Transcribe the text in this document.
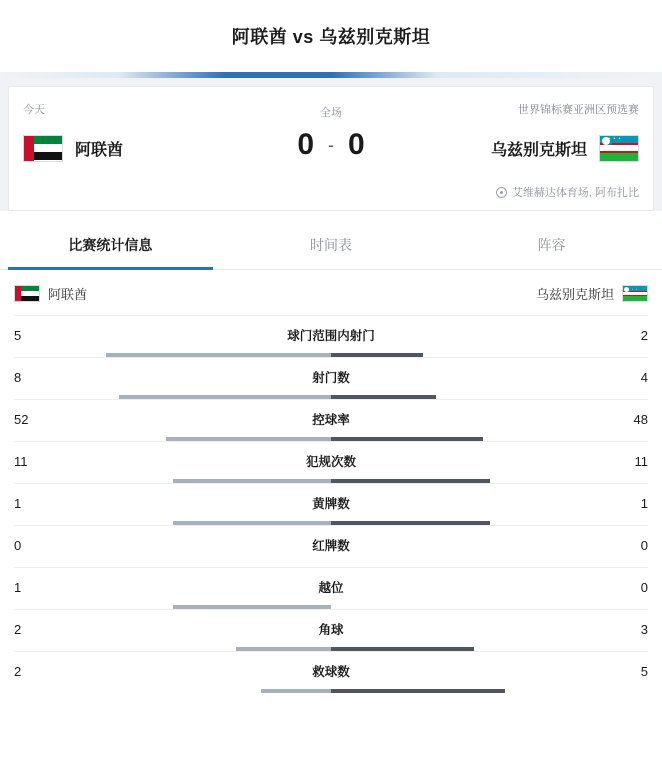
阿联酋 vs 乌兹别克斯坦
今天	世界锦标赛亚洲区预选赛
全场
阿联酋	0 - 0	乌兹别克斯坦
• • •
艾维赫达体育场, 阿布扎比
比赛统计信息	时间表	阵容
阿联酋	乌兹别克斯坦	• • •
5	球门范围内射门	2
8	射门数	4
52	控球率	48
11	犯规次数	11
1	黄牌数	1
0	红牌数	0
1	越位	0
2	角球	3
2	救球数	5
